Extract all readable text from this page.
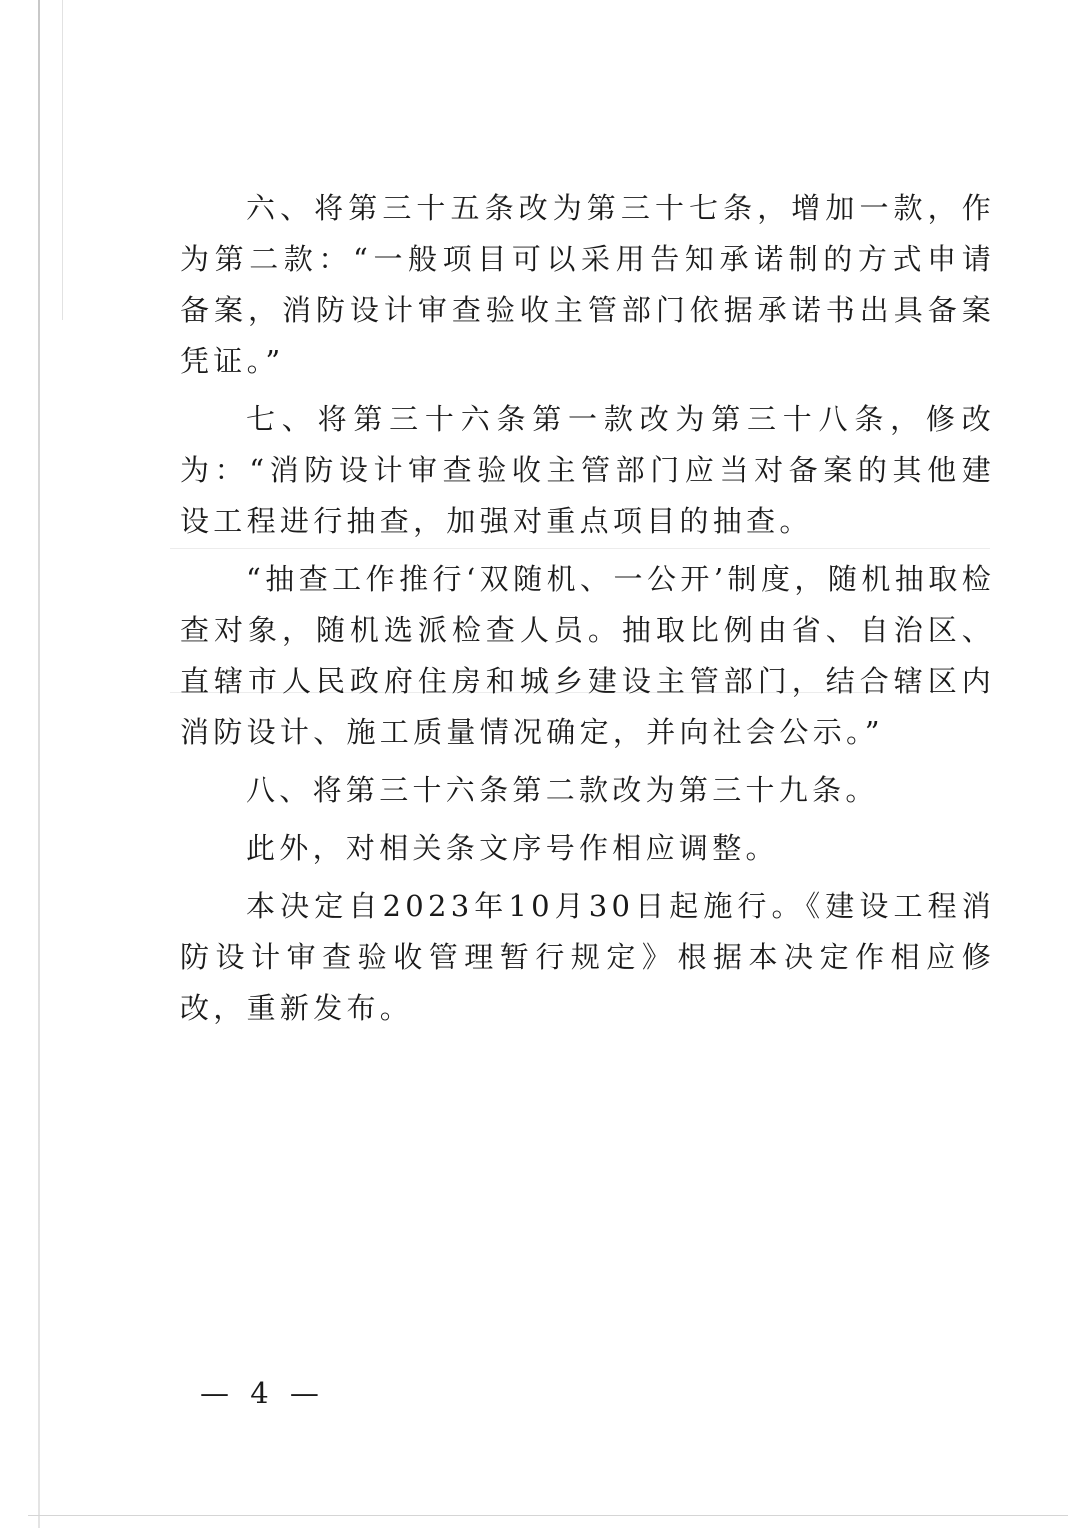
六、将第三十五条改为第三十七条，增加一款，作为第二款：“一般项目可以采用告知承诺制的方式申请备案，消防设计审查验收主管部门依据承诺书出具备案凭证。”

七、将第三十六条第一款改为第三十八条，修改为：“消防设计审查验收主管部门应当对备案的其他建设工程进行抽查，加强对重点项目的抽查。

“抽查工作推行‘双随机、一公开’制度，随机抽取检查对象，随机选派检查人员。抽取比例由省、自治区、直辖市人民政府住房和城乡建设主管部门，结合辖区内消防设计、施工质量情况确定，并向社会公示。”

八、将第三十六条第二款改为第三十九条。

此外，对相关条文序号作相应调整。

本决定自2023年10月30日起施行。《建设工程消防设计审查验收管理暂行规定》根据本决定作相应修改，重新发布。

— 4 —
